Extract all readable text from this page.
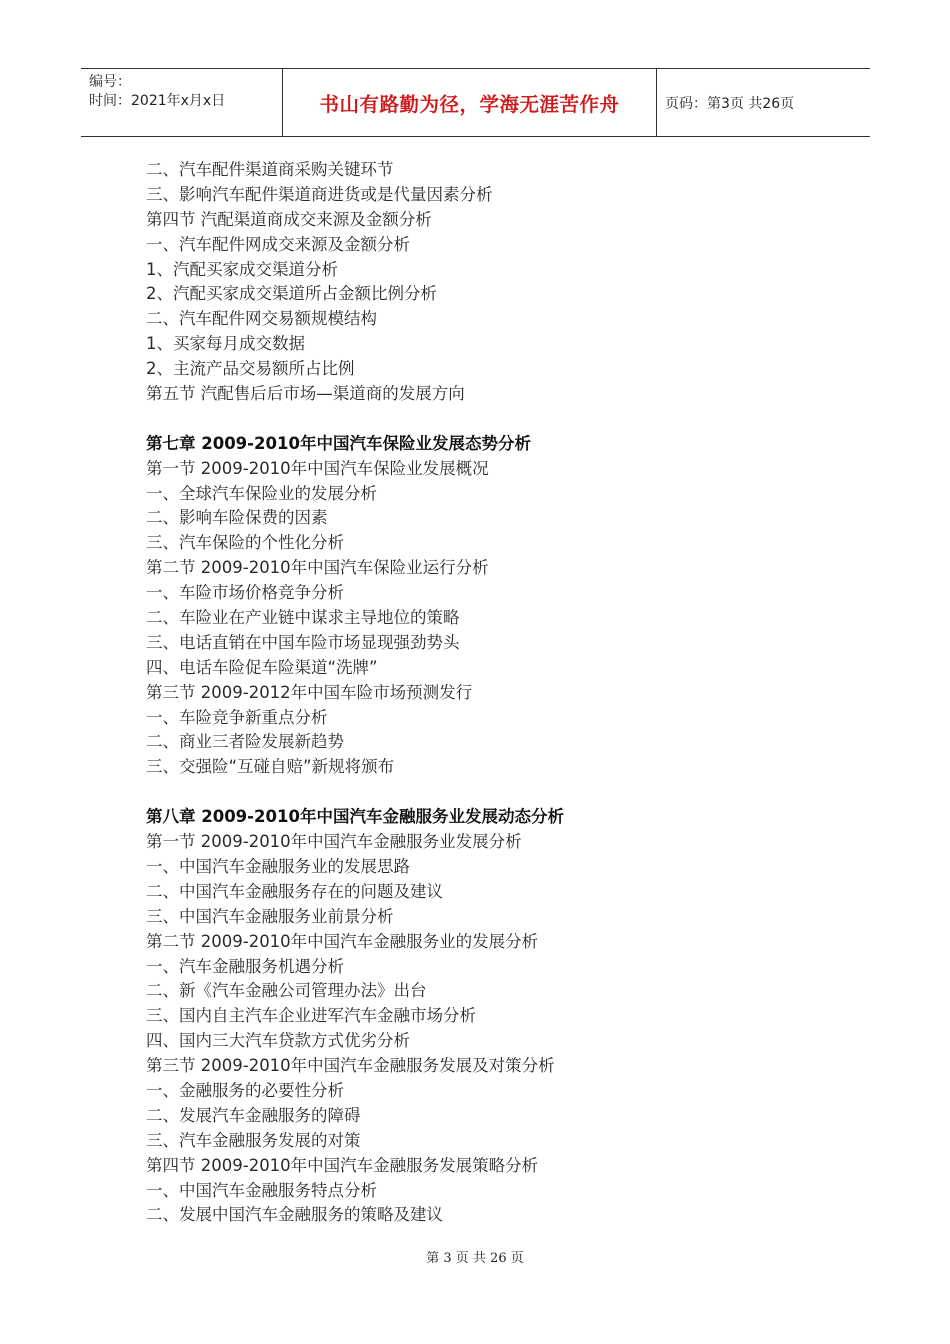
编号：
时间：2021年x月x日	书山有路勤为径，学海无涯苦作舟	页码：第3页 共26页
二、汽车配件渠道商采购关键环节
三、影响汽车配件渠道商进货或是代量因素分析
第四节 汽配渠道商成交来源及金额分析
一、汽车配件网成交来源及金额分析
1、汽配买家成交渠道分析
2、汽配买家成交渠道所占金额比例分析
二、汽车配件网交易额规模结构
1、买家每月成交数据
2、主流产品交易额所占比例
第五节 汽配售后后市场—渠道商的发展方向
第七章 2009-2010年中国汽车保险业发展态势分析
第一节 2009-2010年中国汽车保险业发展概况
一、全球汽车保险业的发展分析
二、影响车险保费的因素
三、汽车保险的个性化分析
第二节 2009-2010年中国汽车保险业运行分析
一、车险市场价格竞争分析
二、车险业在产业链中谋求主导地位的策略
三、电话直销在中国车险市场显现强劲势头
四、电话车险促车险渠道“洗牌”
第三节 2009-2012年中国车险市场预测发行
一、车险竞争新重点分析
二、商业三者险发展新趋势
三、交强险“互碰自赔”新规将颁布
第八章 2009-2010年中国汽车金融服务业发展动态分析
第一节 2009-2010年中国汽车金融服务业发展分析
一、中国汽车金融服务业的发展思路
二、中国汽车金融服务存在的问题及建议
三、中国汽车金融服务业前景分析
第二节 2009-2010年中国汽车金融服务业的发展分析
一、汽车金融服务机遇分析
二、新《汽车金融公司管理办法》出台
三、国内自主汽车企业进军汽车金融市场分析
四、国内三大汽车贷款方式优劣分析
第三节 2009-2010年中国汽车金融服务发展及对策分析
一、金融服务的必要性分析
二、发展汽车金融服务的障碍
三、汽车金融服务发展的对策
第四节 2009-2010年中国汽车金融服务发展策略分析
一、中国汽车金融服务特点分析
二、发展中国汽车金融服务的策略及建议
第 3 页 共 26 页
